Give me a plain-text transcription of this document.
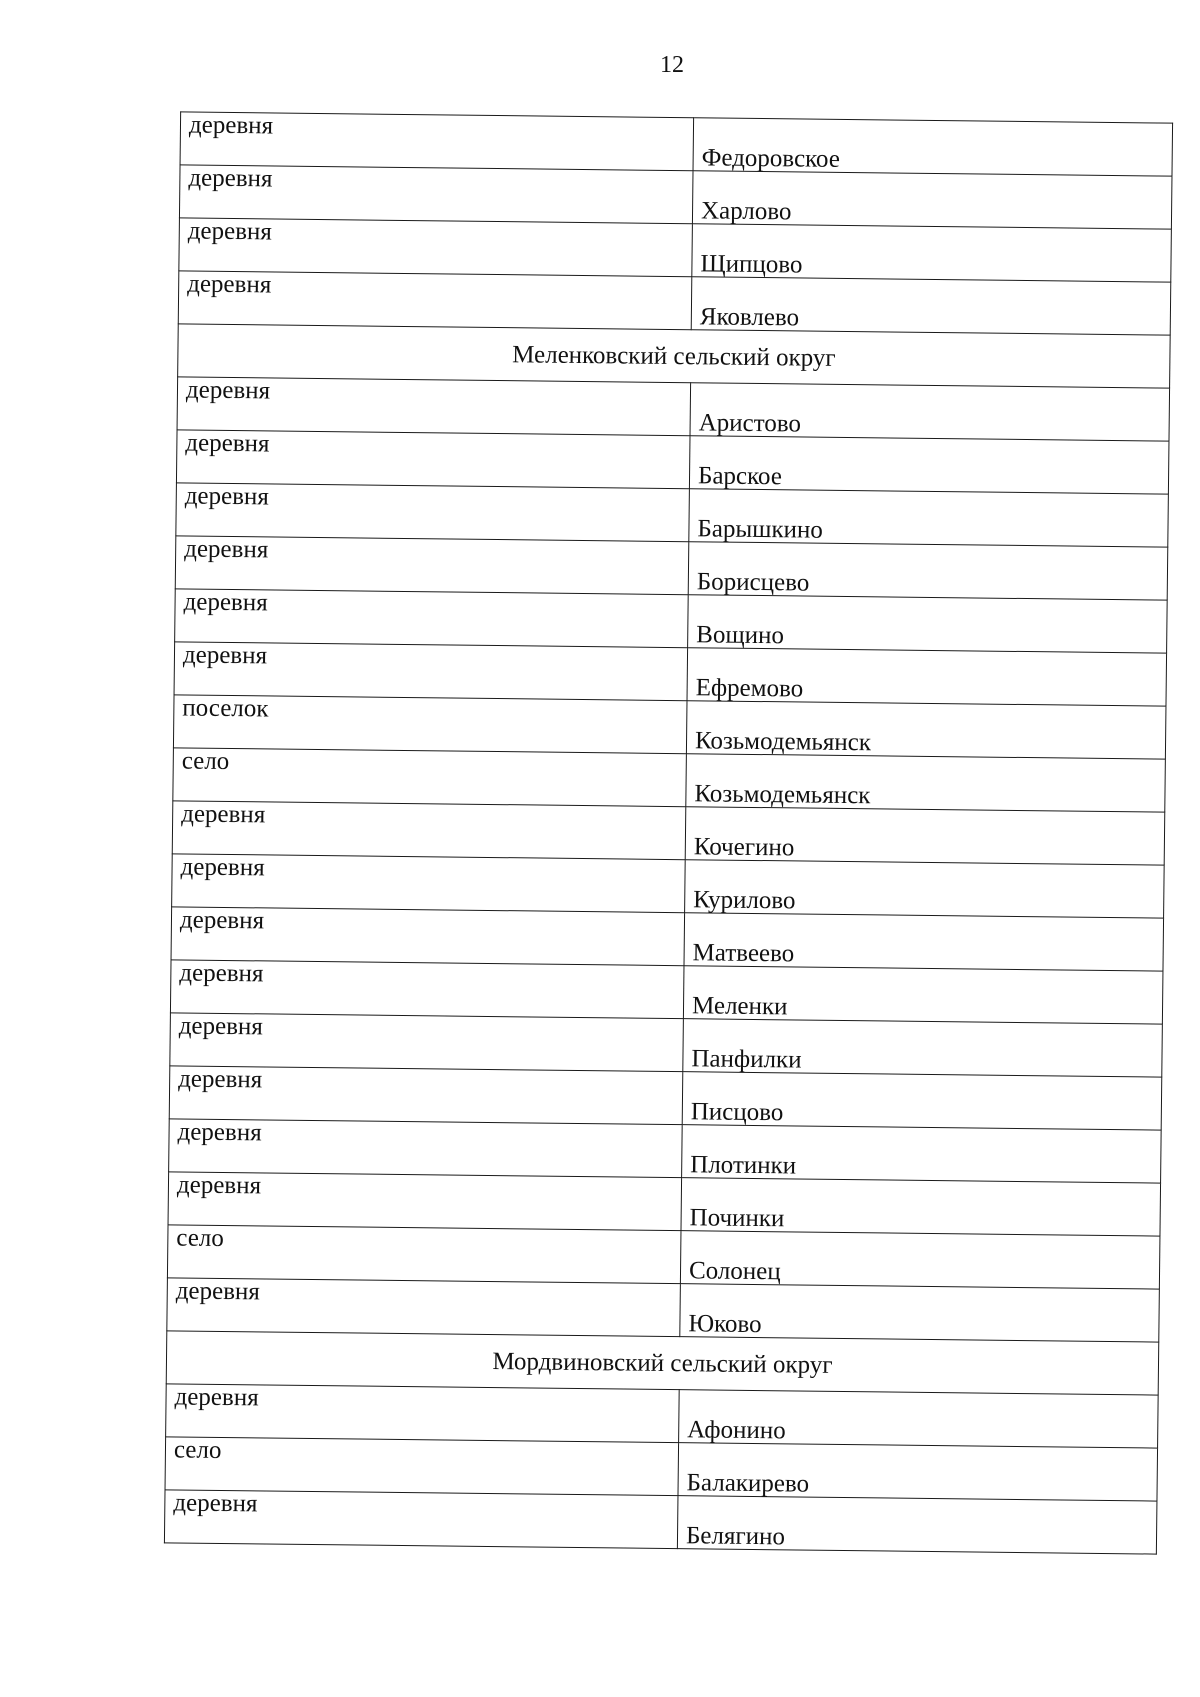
12
деревня	Федоровское
деревня	Харлово
деревня	Щипцово
деревня	Яковлево
Меленковский сельский округ	
деревня	Аристово
деревня	Барское
деревня	Барышкино
деревня	Борисцево
деревня	Вощино
деревня	Ефремово
поселок	Козьмодемьянск
село	Козьмодемьянск
деревня	Кочегино
деревня	Курилово
деревня	Матвеево
деревня	Меленки
деревня	Панфилки
деревня	Писцово
деревня	Плотинки
деревня	Починки
село	Солонец
деревня	Юково
Мордвиновский сельский округ	
деревня	Афонино
село	Балакирево
деревня	Белягино
